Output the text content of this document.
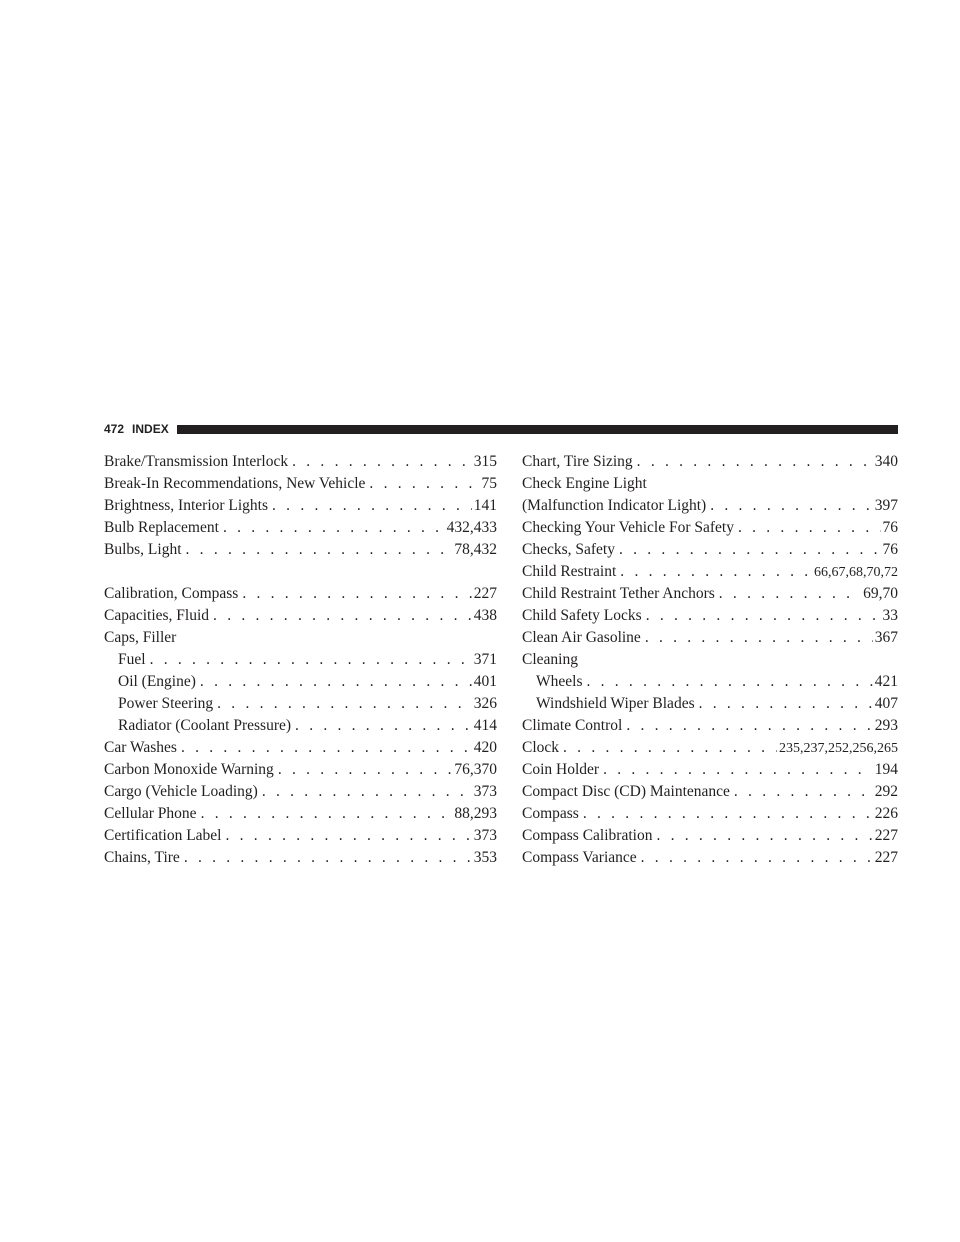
472 INDEX
Brake/Transmission Interlock . . .	315
Break-In Recommendations, New Vehicle . . .	75
Brightness, Interior Lights . . .	141
Bulb Replacement . . .	432,433
Bulbs, Light . . .	78,432
Calibration, Compass . . .	227
Capacities, Fluid . . .	438
Caps, Filler
Fuel . . .	371
Oil (Engine) . . .	401
Power Steering . . .	326
Radiator (Coolant Pressure) . . .	414
Car Washes . . .	420
Carbon Monoxide Warning . . .	76,370
Cargo (Vehicle Loading) . . .	373
Cellular Phone . . .	88,293
Certification Label . . .	373
Chains, Tire . . .	353
Chart, Tire Sizing . . .	340
Check Engine Light
(Malfunction Indicator Light) . . .	397
Checking Your Vehicle For Safety . . .	76
Checks, Safety . . .	76
Child Restraint . . .	66,67,68,70,72
Child Restraint Tether Anchors . . .	69,70
Child Safety Locks . . .	33
Clean Air Gasoline . . .	367
Cleaning
Wheels . . .	421
Windshield Wiper Blades . . .	407
Climate Control . . .	293
Clock . . .	235,237,252,256,265
Coin Holder . . .	194
Compact Disc (CD) Maintenance . . .	292
Compass . . .	226
Compass Calibration . . .	227
Compass Variance . . .	227
